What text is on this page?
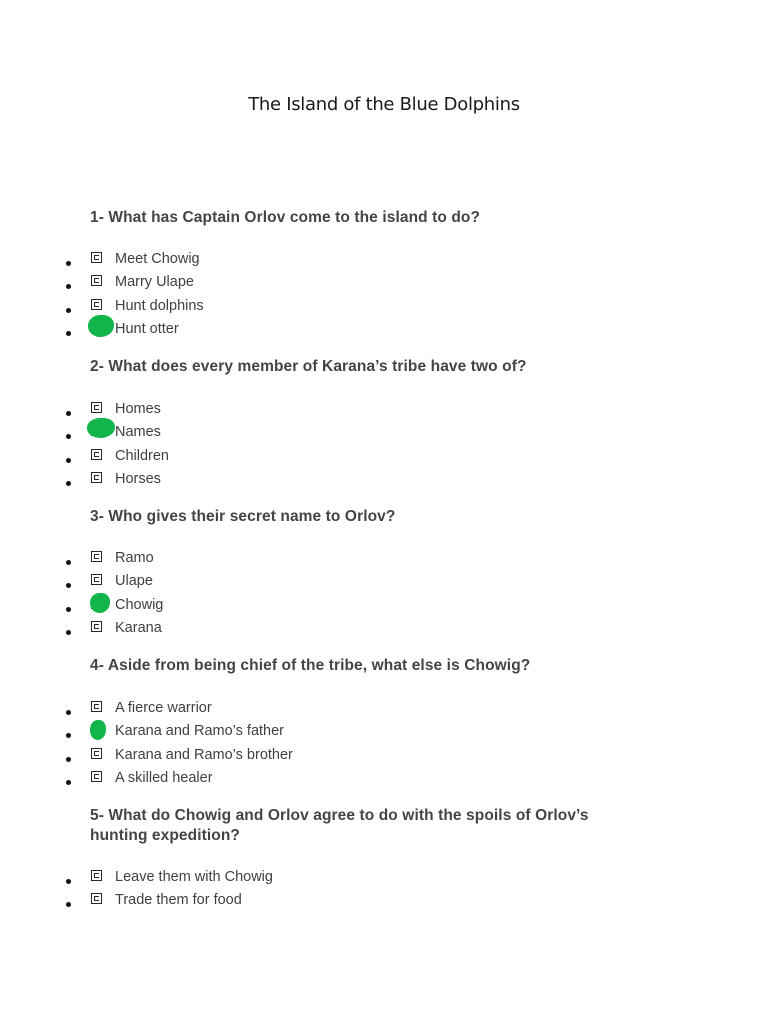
The Island of the Blue Dolphins
1- What has Captain Orlov come to the island to do?
Meet Chowig
Marry Ulape
Hunt dolphins
Hunt otter
2- What does every member of Karana’s tribe have two of?
Homes
Names
Children
Horses
3- Who gives their secret name to Orlov?
Ramo
Ulape
Chowig
Karana
4- Aside from being chief of the tribe, what else is Chowig?
A fierce warrior
Karana and Ramo’s father
Karana and Ramo’s brother
A skilled healer
5- What do Chowig and Orlov agree to do with the spoils of Orlov’s hunting expedition?
Leave them with Chowig
Trade them for food
